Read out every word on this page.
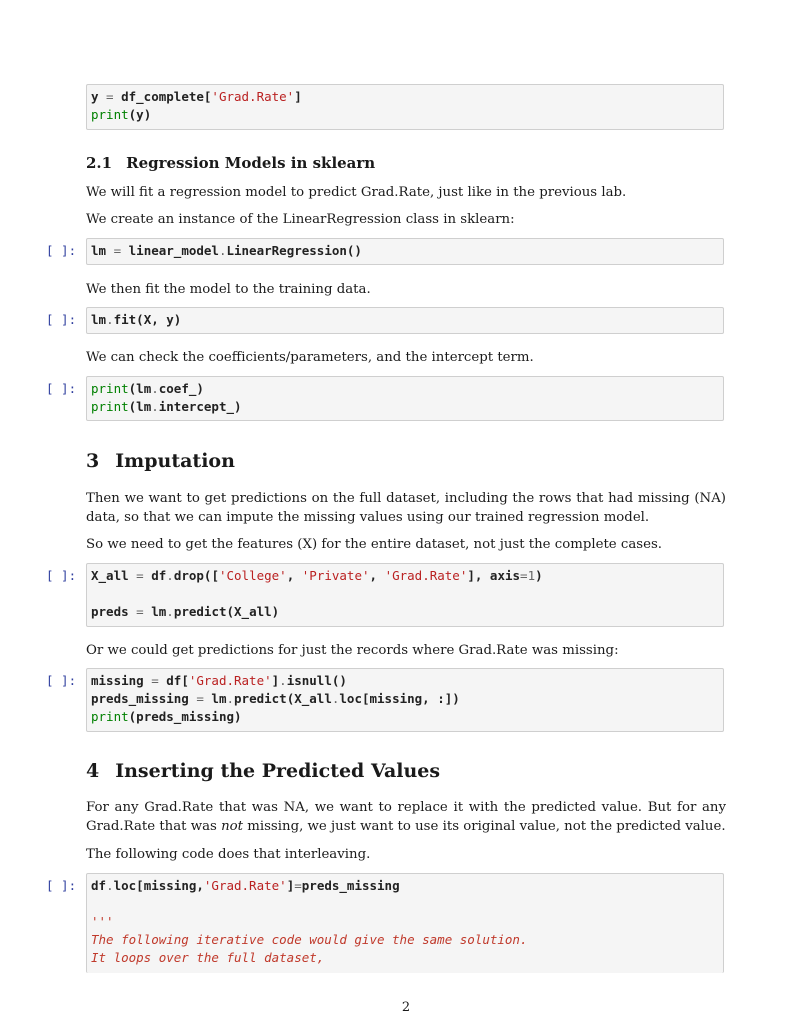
y = df_complete['Grad.Rate']
print(y)
2.1 Regression Models in sklearn
We will fit a regression model to predict Grad.Rate, just like in the previous lab.
We create an instance of the LinearRegression class in sklearn:
[ ]: lm = linear_model.LinearRegression()
We then fit the model to the training data.
[ ]: lm.fit(X, y)
We can check the coefficients/parameters, and the intercept term.
[ ]: print(lm.coef_)
print(lm.intercept_)
3 Imputation
Then we want to get predictions on the full dataset, including the rows that had missing (NA) data, so that we can impute the missing values using our trained regression model.
So we need to get the features (X) for the entire dataset, not just the complete cases.
[ ]: X_all = df.drop(['College', 'Private', 'Grad.Rate'], axis=1)
preds = lm.predict(X_all)
Or we could get predictions for just the records where Grad.Rate was missing:
[ ]: missing = df['Grad.Rate'].isnull()
preds_missing = lm.predict(X_all.loc[missing, :])
print(preds_missing)
4 Inserting the Predicted Values
For any Grad.Rate that was NA, we want to replace it with the predicted value. But for any Grad.Rate that was not missing, we just want to use its original value, not the predicted value.
The following code does that interleaving.
[ ]: df.loc[missing,'Grad.Rate']=preds_missing
'''
The following iterative code would give the same solution.
It loops over the full dataset,
2
